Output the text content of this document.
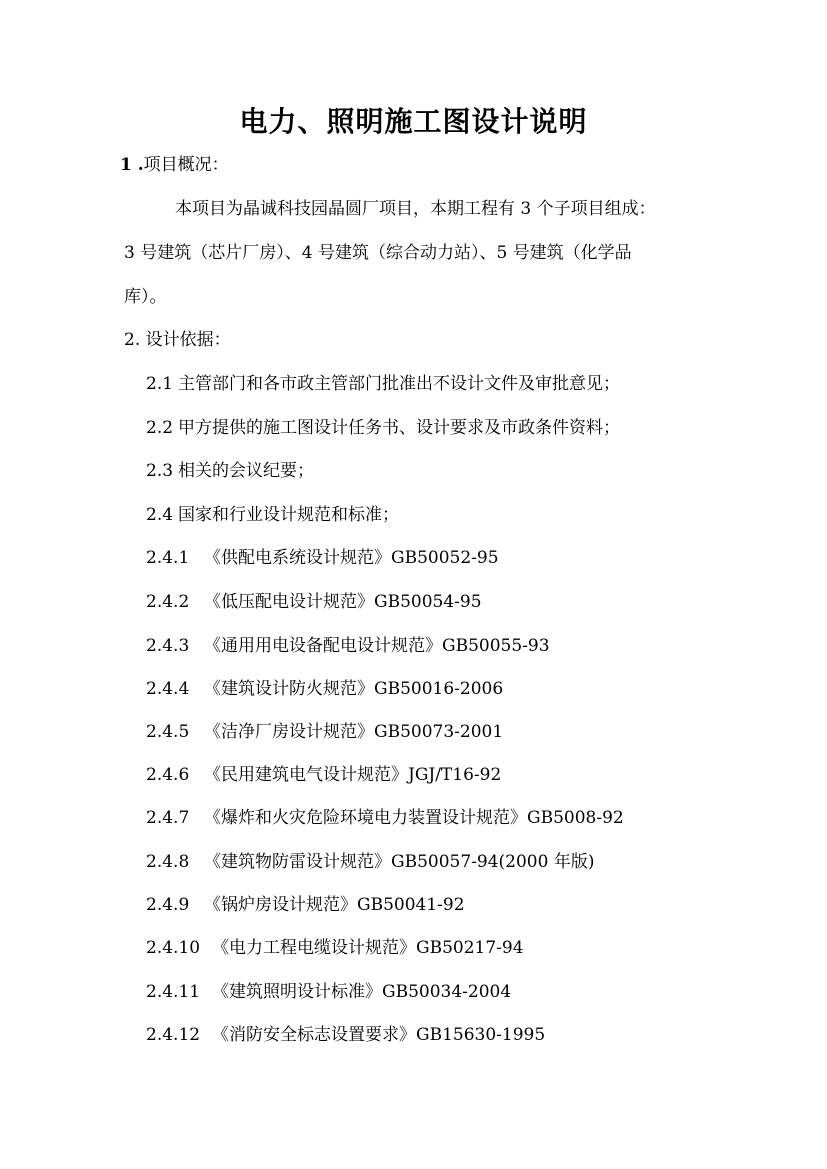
电力、照明施工图设计说明
1 .项目概况：
本项目为晶诚科技园晶圆厂项目，本期工程有 3 个子项目组成：
3 号建筑（芯片厂房）、4 号建筑（综合动力站）、5 号建筑（化学品
库）。
2. 设计依据：
2.1 主管部门和各市政主管部门批准出不设计文件及审批意见；
2.2 甲方提供的施工图设计任务书、设计要求及市政条件资料；
2.3 相关的会议纪要；
2.4 国家和行业设计规范和标准；
2.4.1 《供配电系统设计规范》GB50052-95
2.4.2 《低压配电设计规范》GB50054-95
2.4.3 《通用用电设备配电设计规范》GB50055-93
2.4.4 《建筑设计防火规范》GB50016-2006
2.4.5 《洁净厂房设计规范》GB50073-2001
2.4.6 《民用建筑电气设计规范》JGJ/T16-92
2.4.7 《爆炸和火灾危险环境电力装置设计规范》GB5008-92
2.4.8 《建筑物防雷设计规范》GB50057-94(2000 年版)
2.4.9 《锅炉房设计规范》GB50041-92
2.4.10 《电力工程电缆设计规范》GB50217-94
2.4.11 《建筑照明设计标准》GB50034-2004
2.4.12 《消防安全标志设置要求》GB15630-1995
